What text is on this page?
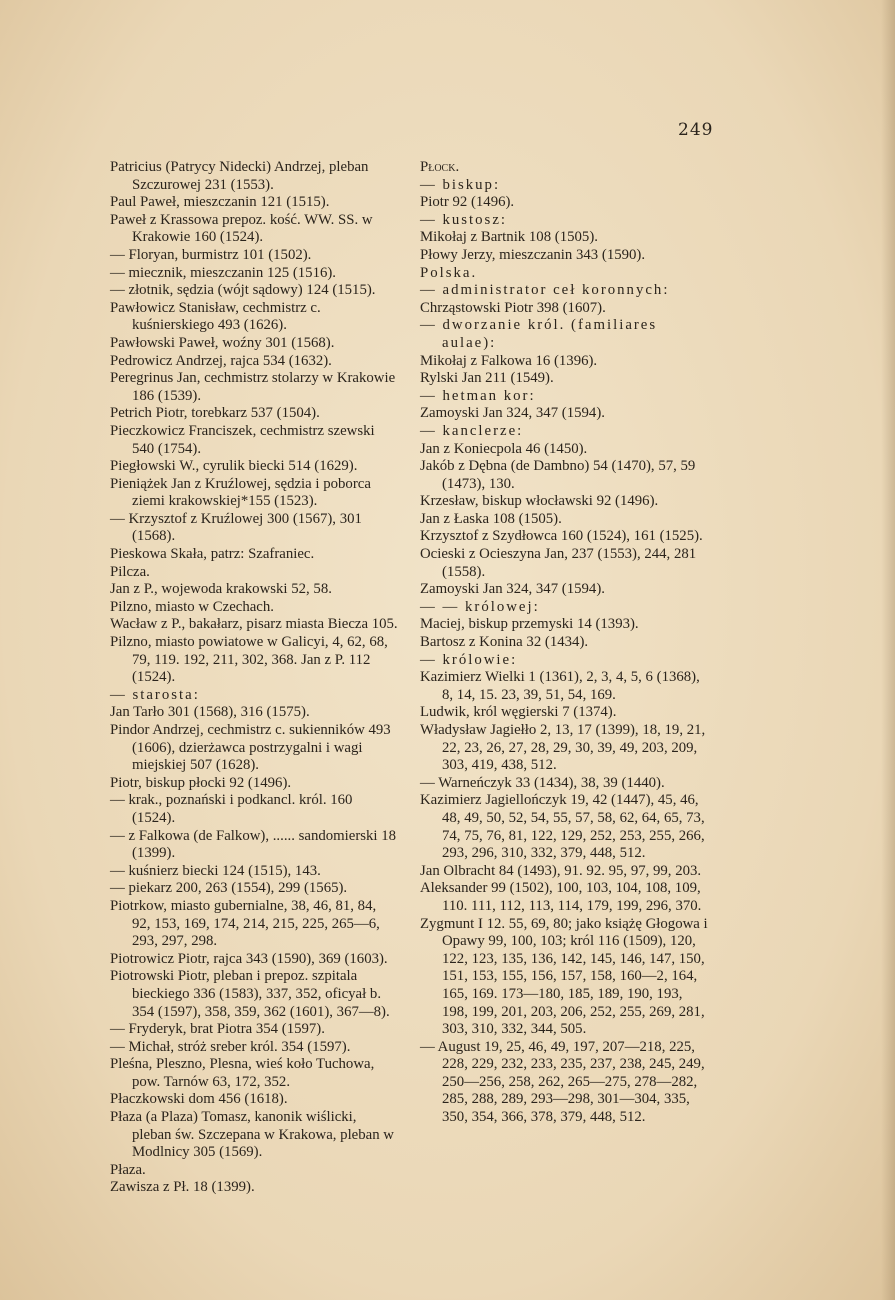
249
Patricius (Patrycy Nidecki) Andrzej, pleban Szczurowej 231 (1553).
Paul Paweł, mieszczanin 121 (1515).
Paweł z Krassowa prepoz. kość. WW. SS. w Krakowie 160 (1524).
— Floryan, burmistrz 101 (1502).
— miecznik, mieszczanin 125 (1516).
— złotnik, sędzia (wójt sądowy) 124 (1515).
Pawłowicz Stanisław, cechmistrz c. kuśnierskiego 493 (1626).
Pawłowski Paweł, woźny 301 (1568).
Pedrowicz Andrzej, rajca 534 (1632).
Peregrinus Jan, cechmistrz stolarzy w Krakowie 186 (1539).
Petrich Piotr, torebkarz 537 (1504).
Pieczkowicz Franciszek, cechmistrz szewski 540 (1754).
Piegłowski W., cyrulik biecki 514 (1629).
Pieniążek Jan z Kruźlowej, sędzia i poborca ziemi krakowskiej*155 (1523).
— Krzysztof z Kruźlowej 300 (1567), 301 (1568).
Pieskowa Skała, patrz: Szafraniec.
Pilcza.
Jan z P., wojewoda krakowski 52, 58.
Pilzno, miasto w Czechach.
Wacław z P., bakałarz, pisarz miasta Biecza 105.
Pilzno, miasto powiatowe w Galicyi, 4, 62, 68, 79, 119. 192, 211, 302, 368. Jan z P. 112 (1524).
— starosta:
Jan Tarło 301 (1568), 316 (1575).
Pindor Andrzej, cechmistrz c. sukienników 493 (1606), dzierżawca postrzygalni i wagi miejskiej 507 (1628).
Piotr, biskup płocki 92 (1496).
— krak., poznański i podkancl. król. 160 (1524).
— z Falkowa (de Falkow), ...... sandomierski 18 (1399).
— kuśnierz biecki 124 (1515), 143.
— piekarz 200, 263 (1554), 299 (1565).
Piotrkow, miasto gubernialne, 38, 46, 81, 84, 92, 153, 169, 174, 214, 215, 225, 265—6, 293, 297, 298.
Piotrowicz Piotr, rajca 343 (1590), 369 (1603).
Piotrowski Piotr, pleban i prepoz. szpitala bieckiego 336 (1583), 337, 352, oficyał b. 354 (1597), 358, 359, 362 (1601), 367—8).
— Fryderyk, brat Piotra 354 (1597).
— Michał, stróż sreber król. 354 (1597).
Pleśna, Pleszno, Plesna, wieś koło Tuchowa, pow. Tarnów 63, 172, 352.
Płaczkowski dom 456 (1618).
Płaza (a Plaza) Tomasz, kanonik wiślicki, pleban św. Szczepana w Krakowa, pleban w Modlnicy 305 (1569).
Płaza.
Zawisza z Pł. 18 (1399).
Płock.
— biskup:
Piotr 92 (1496).
— kustosz:
Mikołaj z Bartnik 108 (1505).
Płowy Jerzy, mieszczanin 343 (1590).
Polska.
— administrator ceł koronnych:
Chrząstowski Piotr 398 (1607).
— dworzanie król. (familiares aulae):
Mikołaj z Falkowa 16 (1396).
Rylski Jan 211 (1549).
— hetman kor:
Zamoyski Jan 324, 347 (1594).
— kanclerze:
Jan z Koniecpola 46 (1450).
Jakób z Dębna (de Dambno) 54 (1470), 57, 59 (1473), 130.
Krzesław, biskup włocławski 92 (1496).
Jan z Łaska 108 (1505).
Krzysztof z Szydłowca 160 (1524), 161 (1525).
Ocieski z Ocieszyna Jan, 237 (1553), 244, 281 (1558).
Zamoyski Jan 324, 347 (1594).
— — królowej:
Maciej, biskup przemyski 14 (1393).
Bartosz z Konina 32 (1434).
— królowie:
Kazimierz Wielki 1 (1361), 2, 3, 4, 5, 6 (1368), 8, 14, 15. 23, 39, 51, 54, 169.
Ludwik, król węgierski 7 (1374).
Władysław Jagiełło 2, 13, 17 (1399), 18, 19, 21, 22, 23, 26, 27, 28, 29, 30, 39, 49, 203, 209, 303, 419, 438, 512.
— Warneńczyk 33 (1434), 38, 39 (1440).
Kazimierz Jagiellończyk 19, 42 (1447), 45, 46, 48, 49, 50, 52, 54, 55, 57, 58, 62, 64, 65, 73, 74, 75, 76, 81, 122, 129, 252, 253, 255, 266, 293, 296, 310, 332, 379, 448, 512.
Jan Olbracht 84 (1493), 91. 92. 95, 97, 99, 203.
Aleksander 99 (1502), 100, 103, 104, 108, 109, 110. 111, 112, 113, 114, 179, 199, 296, 370.
Zygmunt I 12. 55, 69, 80; jako książę Głogowa i Opawy 99, 100, 103; król 116 (1509), 120, 122, 123, 135, 136, 142, 145, 146, 147, 150, 151, 153, 155, 156, 157, 158, 160—2, 164, 165, 169. 173—180, 185, 189, 190, 193, 198, 199, 201, 203, 206, 252, 255, 269, 281, 303, 310, 332, 344, 505.
— August 19, 25, 46, 49, 197, 207—218, 225, 228, 229, 232, 233, 235, 237, 238, 245, 249, 250—256, 258, 262, 265—275, 278—282, 285, 288, 289, 293—298, 301—304, 335, 350, 354, 366, 378, 379, 448, 512.
